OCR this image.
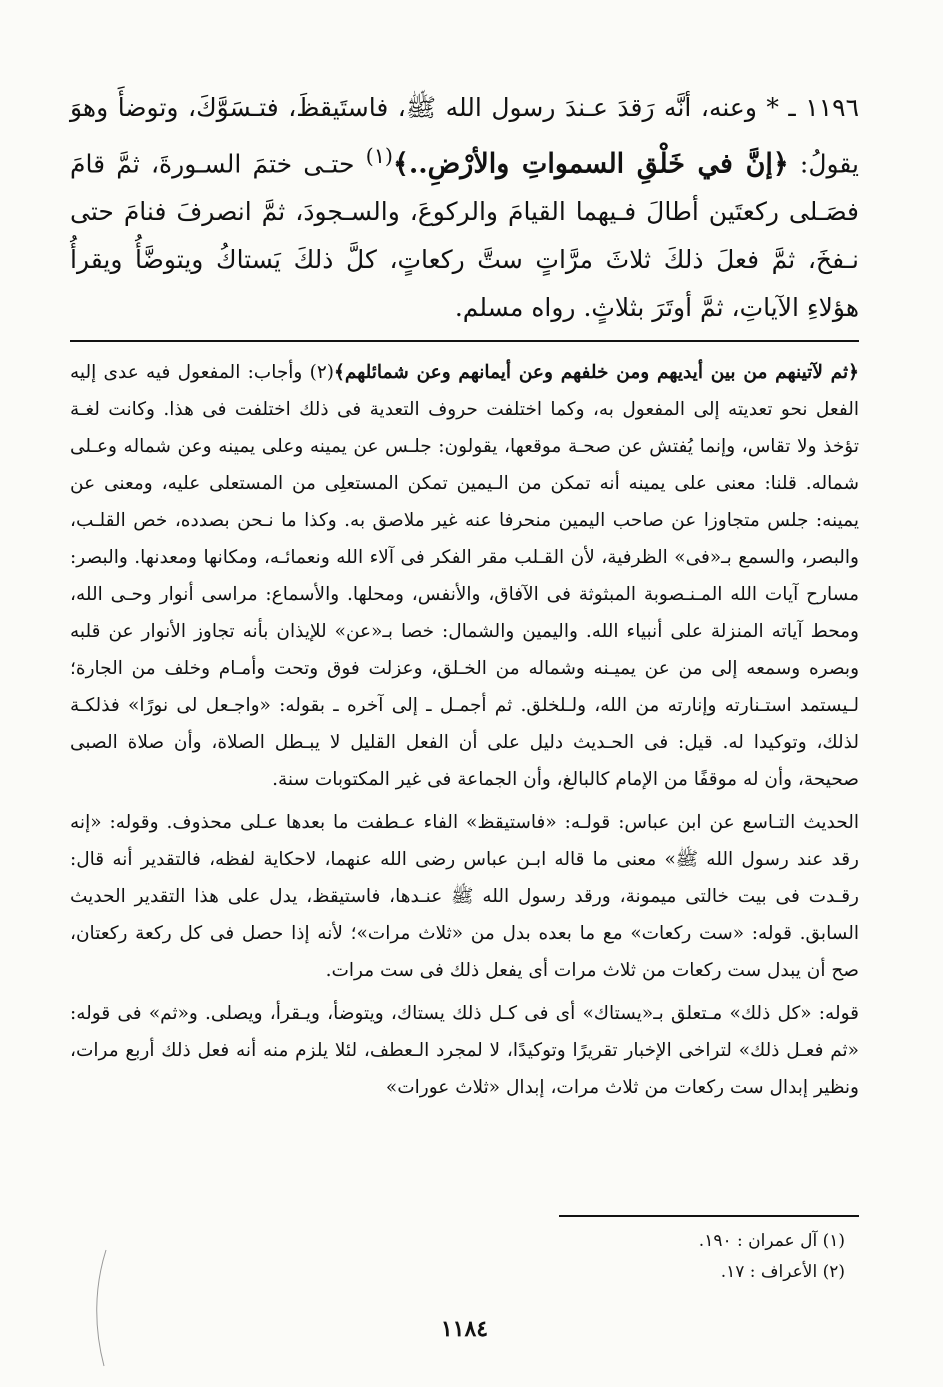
١١٩٦ ـ * وعنه، أنَّه رَقدَ عـندَ رسول الله ﷺ، فاستَيقظَ، فتـسَوَّكَ، وتوضأَ وهوَ يقولُ: ﴿إنَّ في خَلْقِ السمواتِ والأرْضِ..﴾$^{(١)}$ حتـى ختمَ السـورةَ، ثمَّ قامَ فصَـلى ركعتَين أطالَ فـيهما القيامَ والركوعَ، والسـجودَ، ثمَّ انصرفَ فنامَ حتى نـفخَ، ثمَّ فعلَ ذلكَ ثلاثَ مرَّاتٍ ستَّ ركعاتٍ، كلَّ ذلكَ يَستاكُ ويتوضَّأُ ويقرأُ هؤلاءِ الآياتِ، ثمَّ أوتَرَ بثلاثٍ. رواه مسلم.

﴿ثم لآتينهم من بين أيديهم ومن خلفهم وعن أيمانهم وعن شمائلهم﴾(٢) وأجاب: المفعول فيه عدى إليه الفعل نحو تعديته إلى المفعول به، وكما اختلفت حروف التعدية فى ذلك اختلفت فى هذا. وكانت لغـة تؤخذ ولا تقاس، وإنما يُفتش عن صحـة موقعها، يقولون: جلـس عن يمينه وعلى يمينه وعن شماله وعـلى شماله. قلنا: معنى على يمينه أنه تمكن من الـيمين تمكن المستعلِى من المستعلى عليه، ومعنى عن يمينه: جلس متجاوزا عن صاحب اليمين منحرفا عنه غير ملاصق به. وكذا ما نـحن بصدده، خص القلـب، والبصر، والسمع بـ«فى» الظرفية، لأن القـلب مقر الفكر فى آلاء الله ونعمائـه، ومكانها ومعدنها. والبصر: مسارح آيات الله المـنـصوبة المبثوثة فى الآفاق، والأنفس، ومحلها. والأسماع: مراسى أنوار وحـى الله، ومحط آياته المنزلة على أنبياء الله. واليمين والشمال: خصا بـ«عن» للإيذان بأنه تجاوز الأنوار عن قلبه وبصره وسمعه إلى من عن يميـنه وشماله من الخـلق، وعزلت فوق وتحت وأمـام وخلف من الجارة؛ لـيستمد استـنارته وإنارته من الله، ولـلخلق. ثم أجمـل ـ إلى آخره ـ بقوله: «واجـعل لى نورًا» فذلكـة لذلك، وتوكيدا له. قيل: فى الحـديث دليل على أن الفعل القليل لا يبـطل الصلاة، وأن صلاة الصبى صحيحة، وأن له موقفًا من الإمام كالبالغ، وأن الجماعة فى غير المكتوبات سنة.

الحديث التـاسع عن ابن عباس: قولـه: «فاستيقظ» الفاء عـطفت ما بعدها عـلى محذوف. وقوله: «إنه رقد عند رسول الله ﷺ» معنى ما قاله ابـن عباس رضى الله عنهما، لاحكاية لفظه، فالتقدير أنه قال: رقـدت فى بيت خالتى ميمونة، ورقد رسول الله ﷺ عنـدها، فاستيقظ، يدل على هذا التقدير الحديث السابق. قوله: «ست ركعات» مع ما بعده بدل من «ثلاث مرات»؛ لأنه إذا حصل فى كل ركعة ركعتان، صح أن يبدل ست ركعات من ثلاث مرات أى يفعل ذلك فى ست مرات.

قوله: «كل ذلك» مـتعلق بـ«يستاك» أى فى كـل ذلك يستاك، ويتوضأ، ويـقرأ، ويصلى. و«ثم» فى قوله: «ثم فعـل ذلك» لتراخى الإخبار تقريرًا وتوكيدًا، لا لمجرد الـعطف، لئلا يلزم منه أنه فعل ذلك أربع مرات، ونظير إبدال ست ركعات من ثلاث مرات، إبدال «ثلاث عورات»

(١) آل عمران : ١٩٠.
(٢) الأعراف : ١٧.
١١٨٤
